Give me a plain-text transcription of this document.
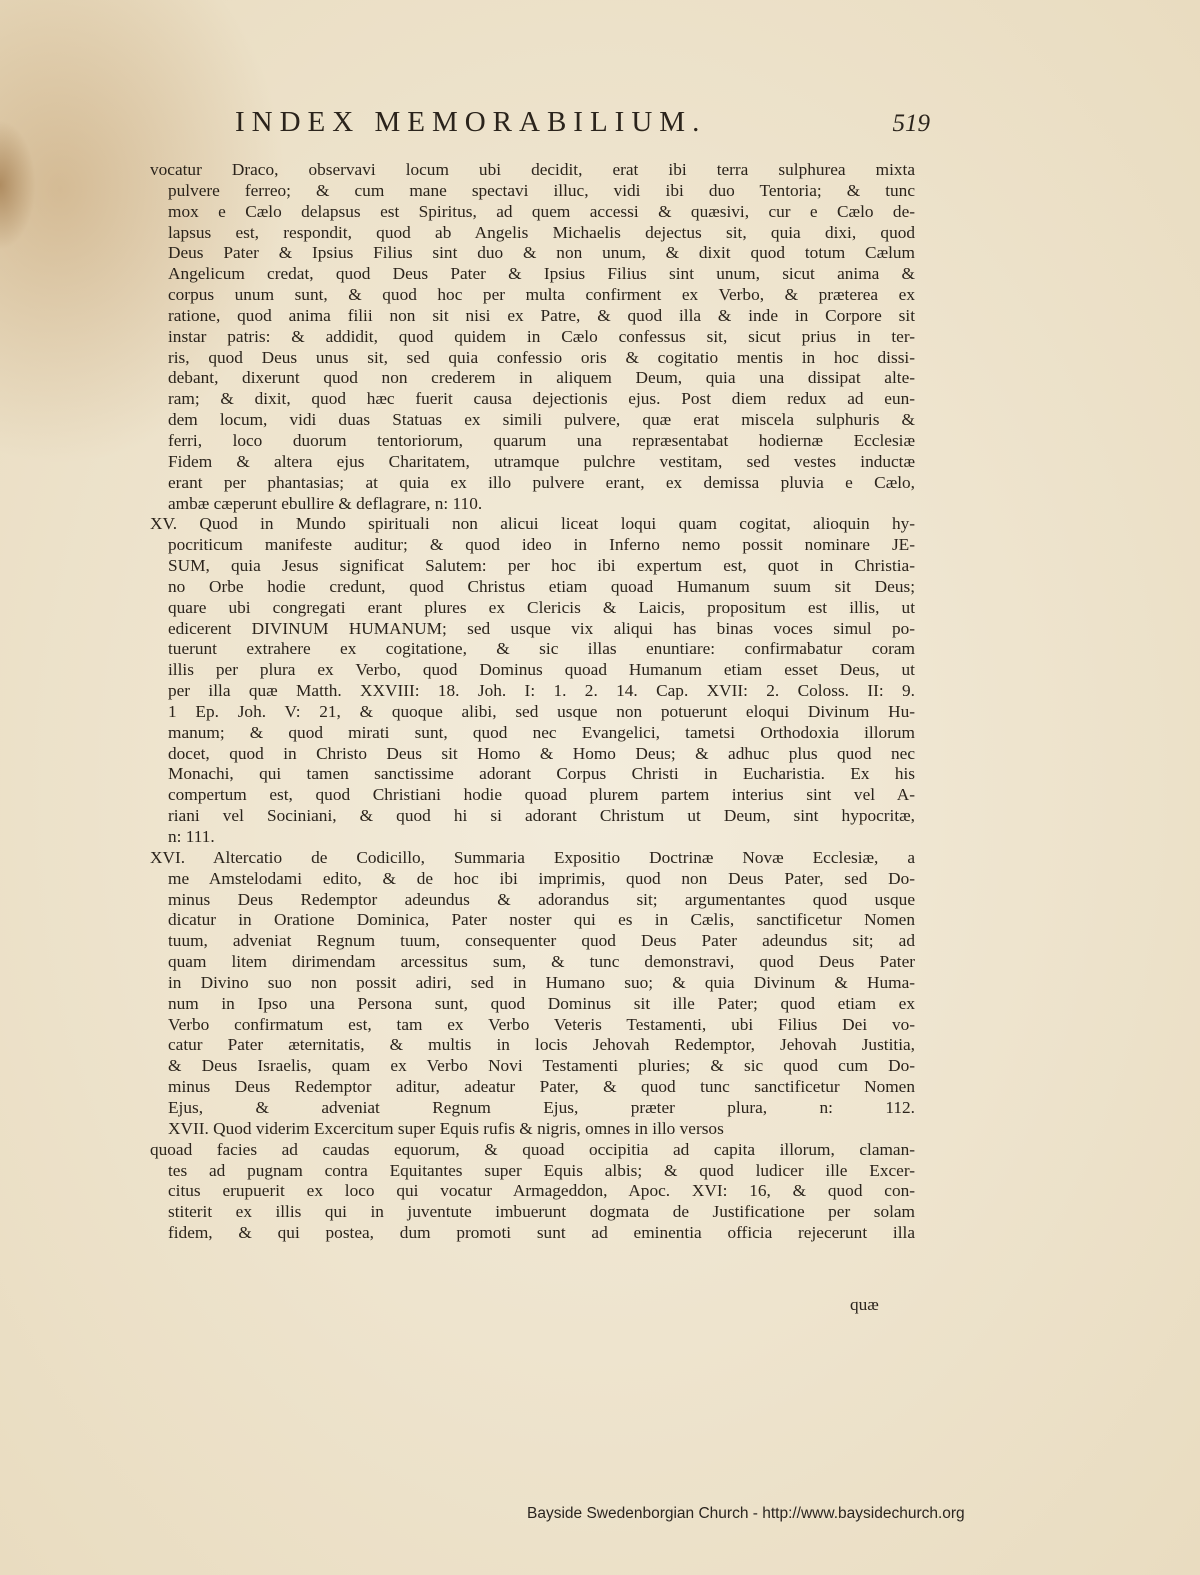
INDEX MEMORABILIUM.	519
vocatur Draco, observavi locum ubi decidit, erat ibi terra sulphurea mixta
pulvere ferreo; & cum mane spectavi illuc, vidi ibi duo Tentoria; & tunc
mox e Cælo delapsus est Spiritus, ad quem accessi & quæsivi, cur e Cælo de-
lapsus est, respondit, quod ab Angelis Michaelis dejectus sit, quia dixi, quod
Deus Pater & Ipsius Filius sint duo & non unum, & dixit quod totum Cælum
Angelicum credat, quod Deus Pater & Ipsius Filius sint unum, sicut anima &
corpus unum sunt, & quod hoc per multa confirment ex Verbo, & præterea ex
ratione, quod anima filii non sit nisi ex Patre, & quod illa & inde in Corpore sit
instar patris: & addidit, quod quidem in Cælo confessus sit, sicut prius in ter-
ris, quod Deus unus sit, sed quia confessio oris & cogitatio mentis in hoc dissi-
debant, dixerunt quod non crederem in aliquem Deum, quia una dissipat alte-
ram; & dixit, quod hæc fuerit causa dejectionis ejus. Post diem redux ad eun-
dem locum, vidi duas Statuas ex simili pulvere, quæ erat miscela sulphuris &
ferri, loco duorum tentoriorum, quarum una repræsentabat hodiernæ Ecclesiæ
Fidem & altera ejus Charitatem, utramque pulchre vestitam, sed vestes inductæ
erant per phantasias; at quia ex illo pulvere erant, ex demissa pluvia e Cælo,
ambæ cæperunt ebullire & deflagrare, n: 110.
XV. Quod in Mundo spirituali non alicui liceat loqui quam cogitat, alioquin hy-
pocriticum manifeste auditur; & quod ideo in Inferno nemo possit nominare JE-
SUM, quia Jesus significat Salutem: per hoc ibi expertum est, quot in Christia-
no Orbe hodie credunt, quod Christus etiam quoad Humanum suum sit Deus;
quare ubi congregati erant plures ex Clericis & Laicis, propositum est illis, ut
edicerent DIVINUM HUMANUM; sed usque vix aliqui has binas voces simul po-
tuerunt extrahere ex cogitatione, & sic illas enuntiare: confirmabatur coram
illis per plura ex Verbo, quod Dominus quoad Humanum etiam esset Deus, ut
per illa quæ Matth. XXVIII: 18. Joh. I: 1. 2. 14. Cap. XVII: 2. Coloss. II: 9.
1 Ep. Joh. V: 21, & quoque alibi, sed usque non potuerunt eloqui Divinum Hu-
manum; & quod mirati sunt, quod nec Evangelici, tametsi Orthodoxia illorum
docet, quod in Christo Deus sit Homo & Homo Deus; & adhuc plus quod nec
Monachi, qui tamen sanctissime adorant Corpus Christi in Eucharistia. Ex his
compertum est, quod Christiani hodie quoad plurem partem interius sint vel A-
riani vel Sociniani, & quod hi si adorant Christum ut Deum, sint hypocritæ,
n: 111.
XVI. Altercatio de Codicillo, Summaria Expositio Doctrinæ Novæ Ecclesiæ, a
me Amstelodami edito, & de hoc ibi imprimis, quod non Deus Pater, sed Do-
minus Deus Redemptor adeundus & adorandus sit; argumentantes quod usque
dicatur in Oratione Dominica, Pater noster qui es in Cælis, sanctificetur Nomen
tuum, adveniat Regnum tuum, consequenter quod Deus Pater adeundus sit; ad
quam litem dirimendam arcessitus sum, & tunc demonstravi, quod Deus Pater
in Divino suo non possit adiri, sed in Humano suo; & quia Divinum & Huma-
num in Ipso una Persona sunt, quod Dominus sit ille Pater; quod etiam ex
Verbo confirmatum est, tam ex Verbo Veteris Testamenti, ubi Filius Dei vo-
catur Pater æternitatis, & multis in locis Jehovah Redemptor, Jehovah Justitia,
& Deus Israelis, quam ex Verbo Novi Testamenti pluries; & sic quod cum Do-
minus Deus Redemptor aditur, adeatur Pater, & quod tunc sanctificetur Nomen
Ejus, & adveniat Regnum Ejus, præter plura, n: 112.
XVII. Quod viderim Excercitum super Equis rufis & nigris, omnes in illo versos
quoad facies ad caudas equorum, & quoad occipitia ad capita illorum, claman-
tes ad pugnam contra Equitantes super Equis albis; & quod ludicer ille Excer-
citus erupuerit ex loco qui vocatur Armageddon, Apoc. XVI: 16, & quod con-
stiterit ex illis qui in juventute imbuerunt dogmata de Justificatione per solam
fidem, & qui postea, dum promoti sunt ad eminentia officia rejecerunt illa
quæ
Bayside Swedenborgian Church - http://www.baysidechurch.org
